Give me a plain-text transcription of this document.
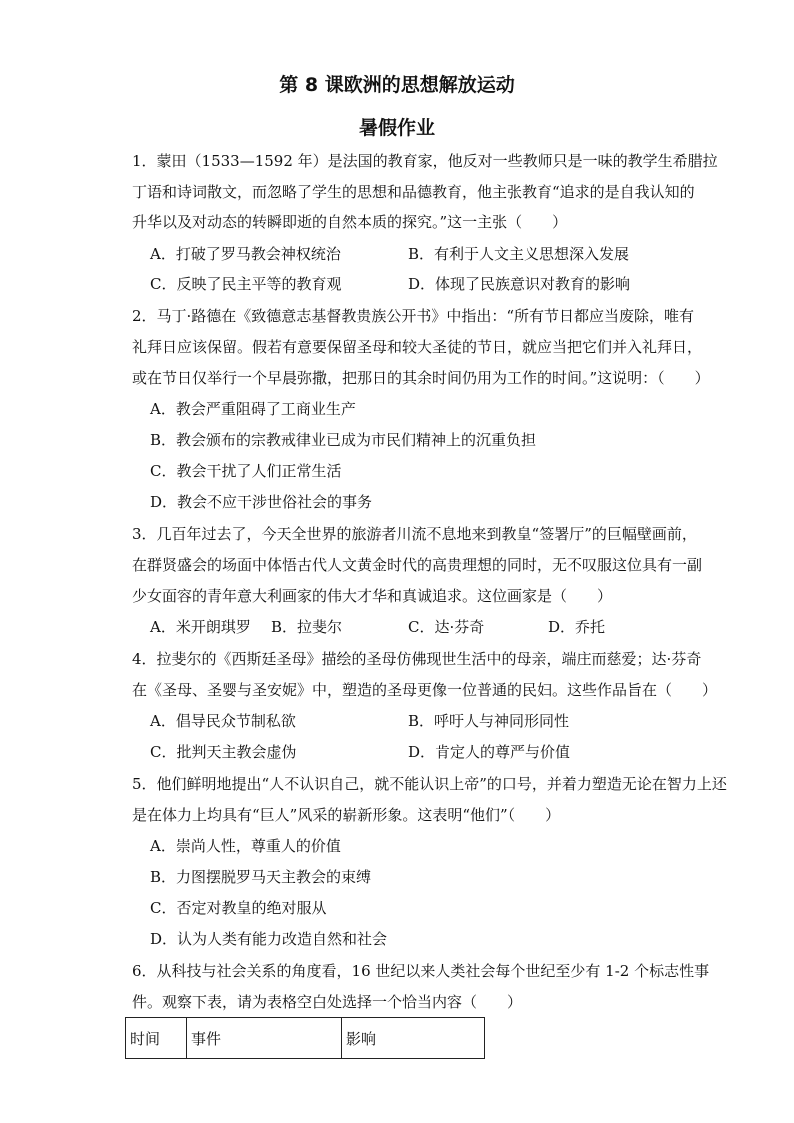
第 8 课欧洲的思想解放运动
暑假作业
1．蒙田（1533—1592 年）是法国的教育家，他反对一些教师只是一味的教学生希腊拉
丁语和诗词散文，而忽略了学生的思想和品德教育，他主张教育“追求的是自我认知的
升华以及对动态的转瞬即逝的自然本质的探究。”这一主张（　　）
A．打破了罗马教会神权统治	B．有利于人文主义思想深入发展
C．反映了民主平等的教育观	D．体现了民族意识对教育的影响
2．马丁·路德在《致德意志基督教贵族公开书》中指出：“所有节日都应当废除，唯有
礼拜日应该保留。假若有意要保留圣母和较大圣徒的节日，就应当把它们并入礼拜日，
或在节日仅举行一个早晨弥撒，把那日的其余时间仍用为工作的时间。”这说明：（　　）
A．教会严重阻碍了工商业生产
B．教会颁布的宗教戒律业已成为市民们精神上的沉重负担
C．教会干扰了人们正常生活
D．教会不应干涉世俗社会的事务
3．几百年过去了，今天全世界的旅游者川流不息地来到教皇“签署厅”的巨幅壁画前，
在群贤盛会的场面中体悟古代人文黄金时代的高贵理想的同时，无不叹服这位具有一副
少女面容的青年意大利画家的伟大才华和真诚追求。这位画家是（　　）
A．米开朗琪罗 B．拉斐尔	C．达·芬奇	D．乔托
4．拉斐尔的《西斯廷圣母》描绘的圣母仿佛现世生活中的母亲，端庄而慈爱；达·芬奇
在《圣母、圣婴与圣安妮》中，塑造的圣母更像一位普通的民妇。这些作品旨在（　　）
A．倡导民众节制私欲	B．呼吁人与神同形同性
C．批判天主教会虚伪	D．肯定人的尊严与价值
5．他们鲜明地提出“人不认识自己，就不能认识上帝”的口号，并着力塑造无论在智力上还
是在体力上均具有“巨人”风采的崭新形象。这表明“他们”（　　）
A．崇尚人性，尊重人的价值
B．力图摆脱罗马天主教会的束缚
C．否定对教皇的绝对服从
D．认为人类有能力改造自然和社会
6．从科技与社会关系的角度看，16 世纪以来人类社会每个世纪至少有 1-2 个标志性事
件。观察下表，请为表格空白处选择一个恰当内容（　　）
时间	事件	影响
